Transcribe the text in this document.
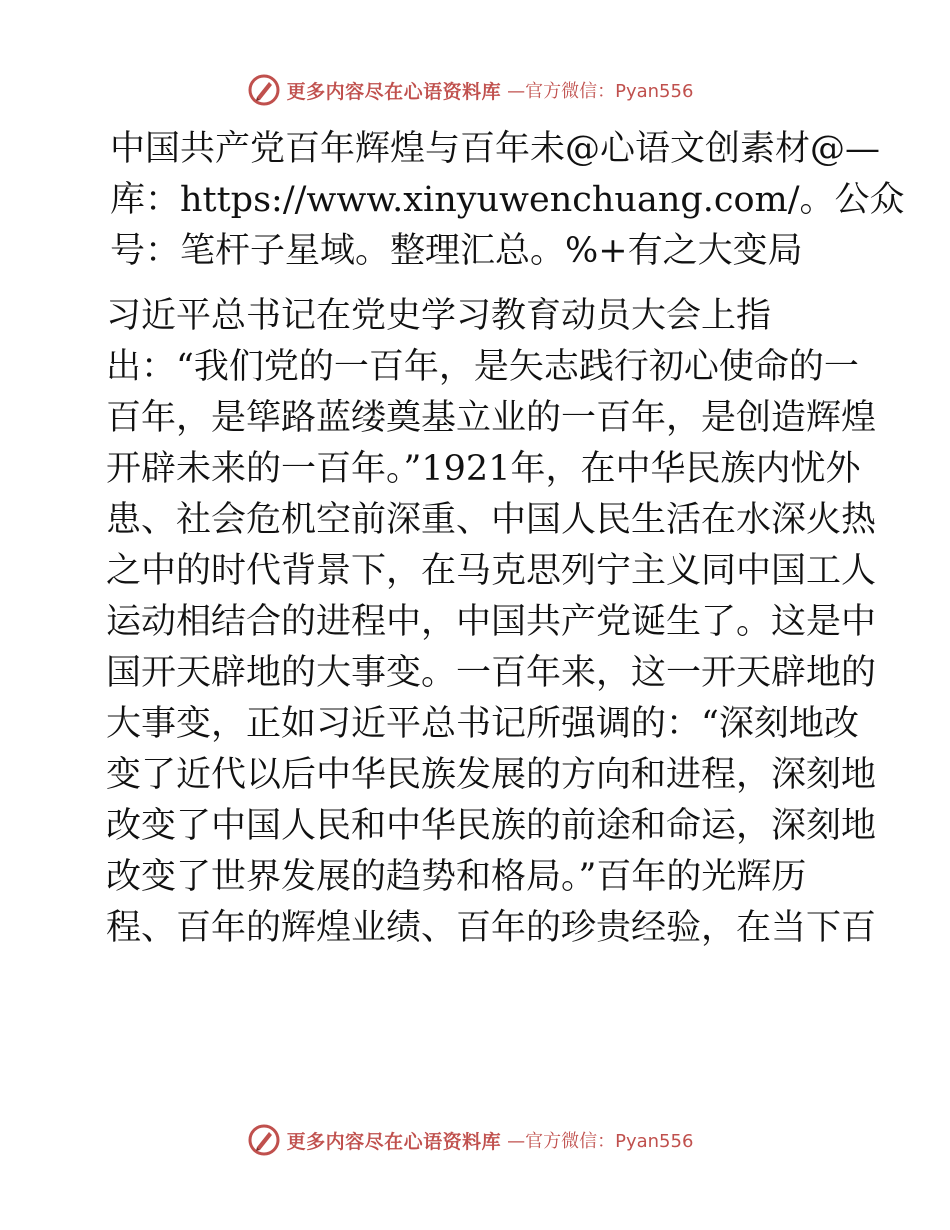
更多内容尽在心语资料库 —官方微信：Pyan556

中国共产党百年辉煌与百年未@心语文创素材@—
库：https://www.xinyuwenchuang.com/。公众
号：笔杆子星域。整理汇总。%+有之大变局

习近平总书记在党史学习教育动员大会上指
出：“我们党的一百年，是矢志践行初心使命的一
百年，是筚路蓝缕奠基立业的一百年，是创造辉煌
开辟未来的一百年。”1921年，在中华民族内忧外
患、社会危机空前深重、中国人民生活在水深火热
之中的时代背景下，在马克思列宁主义同中国工人
运动相结合的进程中，中国共产党诞生了。这是中
国开天辟地的大事变。一百年来，这一开天辟地的
大事变，正如习近平总书记所强调的：“深刻地改
变了近代以后中华民族发展的方向和进程，深刻地
改变了中国人民和中华民族的前途和命运，深刻地
改变了世界发展的趋势和格局。”百年的光辉历
程、百年的辉煌业绩、百年的珍贵经验，在当下百

更多内容尽在心语资料库 —官方微信：Pyan556
